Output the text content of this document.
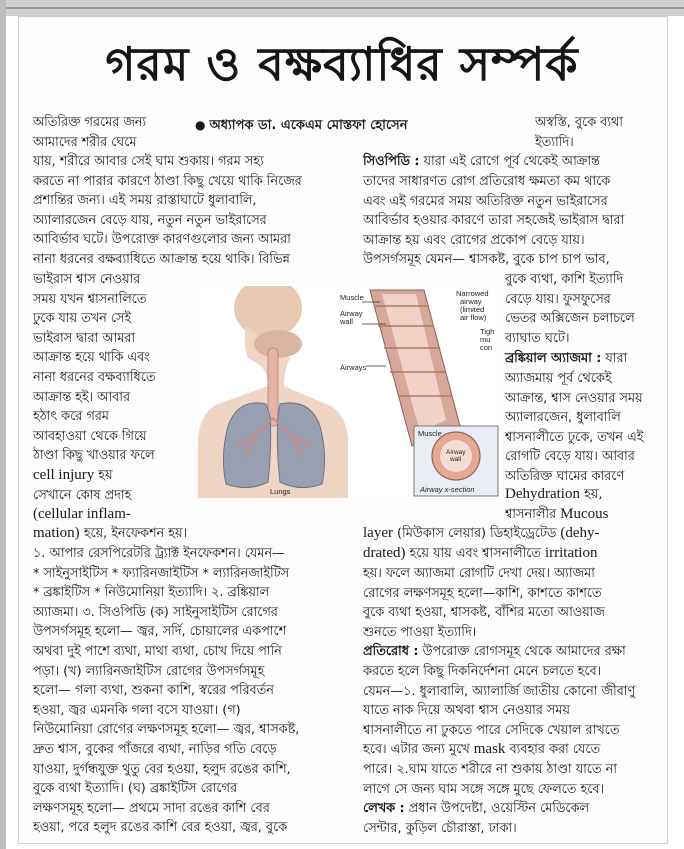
গরম ও বক্ষব্যাধির সম্পর্ক
● অধ্যাপক ডা. একেএম মোস্তফা হোসেন
অতিরিক্ত গরমের জন্য
আমাদের শরীর ঘেমে
যায়, শরীরে আবার সেই ঘাম শুকায়। গরম সহ্য
করতে না পারার কারণে ঠাণ্ডা কিছু খেয়ে থাকি নিজের
প্রশান্তির জন্য। এই সময় রাস্তাঘাটে ধুলাবালি,
অ্যালারজেন বেড়ে যায়, নতুন নতুন ভাইরাসের
আবির্ভাব ঘটে। উপরোক্ত কারণগুলোর জন্য আমরা
নানা ধরনের বক্ষব্যাধিতে আক্রান্ত হয়ে থাকি। বিভিন্ন
ভাইরাস শ্বাস নেওয়ার
সময় যখন শ্বাসনালিতে
ঢুকে যায় তখন সেই
ভাইরাস দ্বারা আমরা
আক্রান্ত হয়ে থাকি এবং
নানা ধরনের বক্ষব্যাধিতে
আক্রান্ত হই। আবার
হঠাৎ করে গরম
আবহাওয়া থেকে গিয়ে
ঠাণ্ডা কিছু খাওয়ার ফলে
cell injury হয়
সেখানে কোষ প্রদাহ
(cellular inflam-
mation) হয়ে, ইনফেকশন হয়।
১. আপার রেসপিরেটরি ট্র্যাক্ট ইনফেকশন। যেমন—
* সাইনুসাইটিস * ফ্যারিনজাইটিস * ল্যারিনজাইটিস
* ব্রঙ্কাইটিস * নিউমোনিয়া ইত্যাদি। ২. ব্রঙ্কিয়াল
অ্যাজমা। ৩. সিওপিডি (ক) সাইনুসাইটিস রোগের
উপসর্গসমূহ হলো— জ্বর, সর্দি, চোয়ালের একপাশে
অথবা দুই পাশে ব্যথা, মাথা ব্যথা, চোখ দিয়ে পানি
পড়া। (খ) ল্যারিনজাইটিস রোগের উপসর্গসমূহ
হলো— গলা ব্যথা, শুকনা কাশি, স্বরের পরিবর্তন
হওয়া, জ্বর এমনকি গলা বসে যাওয়া। (গ)
নিউমোনিয়া রোগের লক্ষণসমূহ হলো— জ্বর, শ্বাসকষ্ট,
দ্রুত শ্বাস, বুকের পাঁজরে ব্যথা, নাড়ির গতি বেড়ে
যাওয়া, দুর্গন্ধযুক্ত থুতু বের হওয়া, হলুদ রঙের কাশি,
বুকে ব্যথা ইত্যাদি। (ঘ) ব্রঙ্কাইটিস রোগের
লক্ষণসমূহ হলো— প্রথমে সাদা রঙের কাশি বের
হওয়া, পরে হলুদ রঙের কাশি বের হওয়া, জ্বর, বুকে
অস্বস্তি, বুকে ব্যথা
ইত্যাদি।
সিওপিডি : যারা এই রোগে পূর্ব থেকেই আক্রান্ত
তাদের সাধারণত রোগ প্রতিরোধ ক্ষমতা কম থাকে
এবং এই গরমের সময় অতিরিক্ত নতুন ভাইরাসের
আবির্ভাব হওয়ার কারণে তারা সহজেই ভাইরাস দ্বারা
আক্রান্ত হয় এবং রোগের প্রকোপ বেড়ে যায়।
উপসর্গসমূহ যেমন— শ্বাসকষ্ট, বুকে চাপ চাপ ভাব,
বুকে ব্যথা, কাশি ইত্যাদি
বেড়ে যায়। ফুসফুসের
ভেতর অক্সিজেন চলাচলে
ব্যাঘাত ঘটে।
ব্রঙ্কিয়াল অ্যাজমা : যারা
অ্যাজমায় পূর্ব থেকেই
আক্রান্ত, শ্বাস নেওয়ার সময়
অ্যালারজেন, ধুলাবালি
শ্বাসনালীতে ঢুকে, তখন এই
রোগটি বেড়ে যায়। আবার
অতিরিক্ত ঘামের কারণে
Dehydration হয়,
শ্বাসনালীর Mucous
layer (মিউকাস লেয়ার) ডিহাইড্রেটেড (dehy-
drated) হয়ে যায় এবং শ্বাসনালীতে irritation
হয়। ফলে অ্যাজমা রোগটি দেখা দেয়। অ্যাজমা
রোগের লক্ষণসমূহ হলো—কাশি, কাশতে কাশতে
বুকে ব্যথা হওয়া, শ্বাসকষ্ট, বাঁশির মতো আওয়াজ
শুনতে পাওয়া ইত্যাদি।
প্রতিরোধ : উপরোক্ত রোগসমূহ থেকে আমাদের রক্ষা
করতে হলে কিছু দিকনির্দেশনা মেনে চলতে হবে।
যেমন—১. ধুলাবালি, অ্যালার্জি জাতীয় কোনো জীবাণু
যাতে নাক দিয়ে অথবা শ্বাস নেওয়ার সময়
শ্বাসনালীতে না ঢুকতে পারে সেদিকে খেয়াল রাখতে
হবে। এটার জন্য মুখে mask ব্যবহার করা যেতে
পারে। ২.ঘাম যাতে শরীরে না শুকায় ঠাণ্ডা যাতে না
লাগে সে জন্য ঘাম সঙ্গে সঙ্গে মুছে ফেলতে হবে।
লেখক : প্রধান উপদেষ্টা, ওয়েস্টিন মেডিকেল
সেন্টার, কুড়িল চৌরাস্তা, ঢাকা।
Muscle
Airway wall
Narrowed airway (limited air flow)
Tigh mu con
Airways
Lungs
Muscle
Airway wall
Airway x-section
